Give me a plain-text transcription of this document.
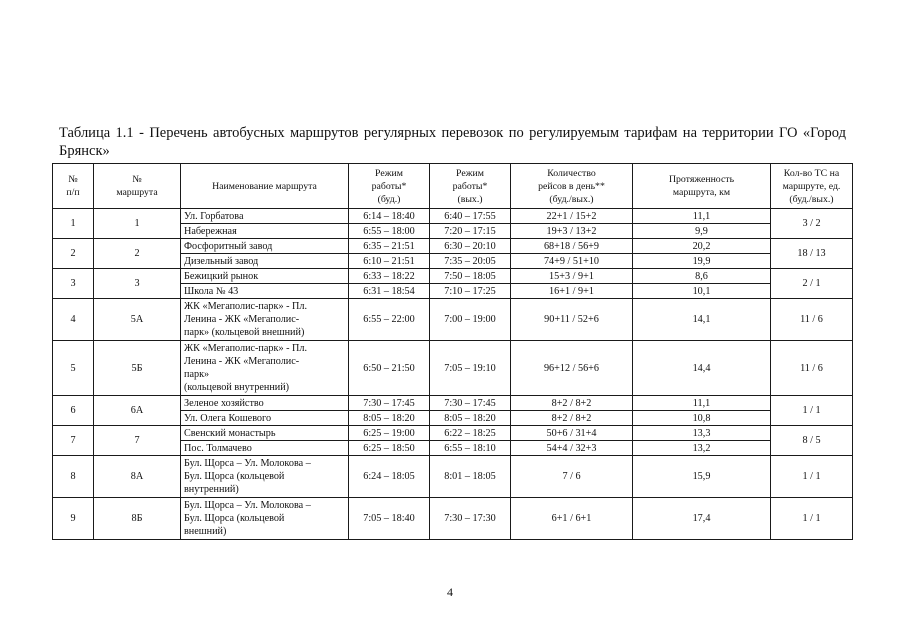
Таблица 1.1 - Перечень автобусных маршрутов регулярных перевозок по регулируемым тарифам на территории ГО «Город Брянск»
№
п/п	№
маршрута	Наименование маршрута	Режим
работы*
(буд.)	Режим
работы*
(вых.)	Количество
рейсов в день**
(буд./вых.)	Протяженность
маршрута, км	Кол-во ТС на
маршруте, ед.
(буд./вых.)

1	1	Ул. Горбатова	6:14 – 18:40	6:40 – 17:55	22+1 / 15+2	11,1	3 / 2
		Набережная	6:55 – 18:00	7:20 – 17:15	19+3 / 13+2	9,9	
2	2	Фосфоритный завод	6:35 – 21:51	6:30 – 20:10	68+18 / 56+9	20,2	18 / 13
		Дизельный завод	6:10 – 21:51	7:35 – 20:05	74+9 / 51+10	19,9	
3	3	Бежицкий рынок	6:33 – 18:22	7:50 – 18:05	15+3 / 9+1	8,6	2 / 1
		Школа № 43	6:31 – 18:54	7:10 – 17:25	16+1 / 9+1	10,1	
4	5А	ЖК «Мегаполис-парк» - Пл.
Ленина - ЖК «Мегаполис-
парк» (кольцевой внешний)	6:55 – 22:00	7:00 – 19:00	90+11 / 52+6	14,1	11 / 6
5	5Б	ЖК «Мегаполис-парк» - Пл.
Ленина - ЖК «Мегаполис-
парк»
(кольцевой внутренний)	6:50 – 21:50	7:05 – 19:10	96+12 / 56+6	14,4	11 / 6
6	6А	Зеленое хозяйство	7:30 – 17:45	7:30 – 17:45	8+2 / 8+2	11,1	1 / 1
		Ул. Олега Кошевого	8:05 – 18:20	8:05 – 18:20	8+2 / 8+2	10,8	
7	7	Свенский монастырь	6:25 – 19:00	6:22 – 18:25	50+6 / 31+4	13,3	8 / 5
		Пос. Толмачево	6:25 – 18:50	6:55 – 18:10	54+4 / 32+3	13,2	
8	8А	Бул. Щорса – Ул. Молокова –
Бул. Щорса (кольцевой
внутренний)	6:24 – 18:05	8:01 – 18:05	7 / 6	15,9	1 / 1
9	8Б	Бул. Щорса – Ул. Молокова –
Бул. Щорса (кольцевой
внешний)	7:05 – 18:40	7:30 – 17:30	6+1 / 6+1	17,4	1 / 1
4
